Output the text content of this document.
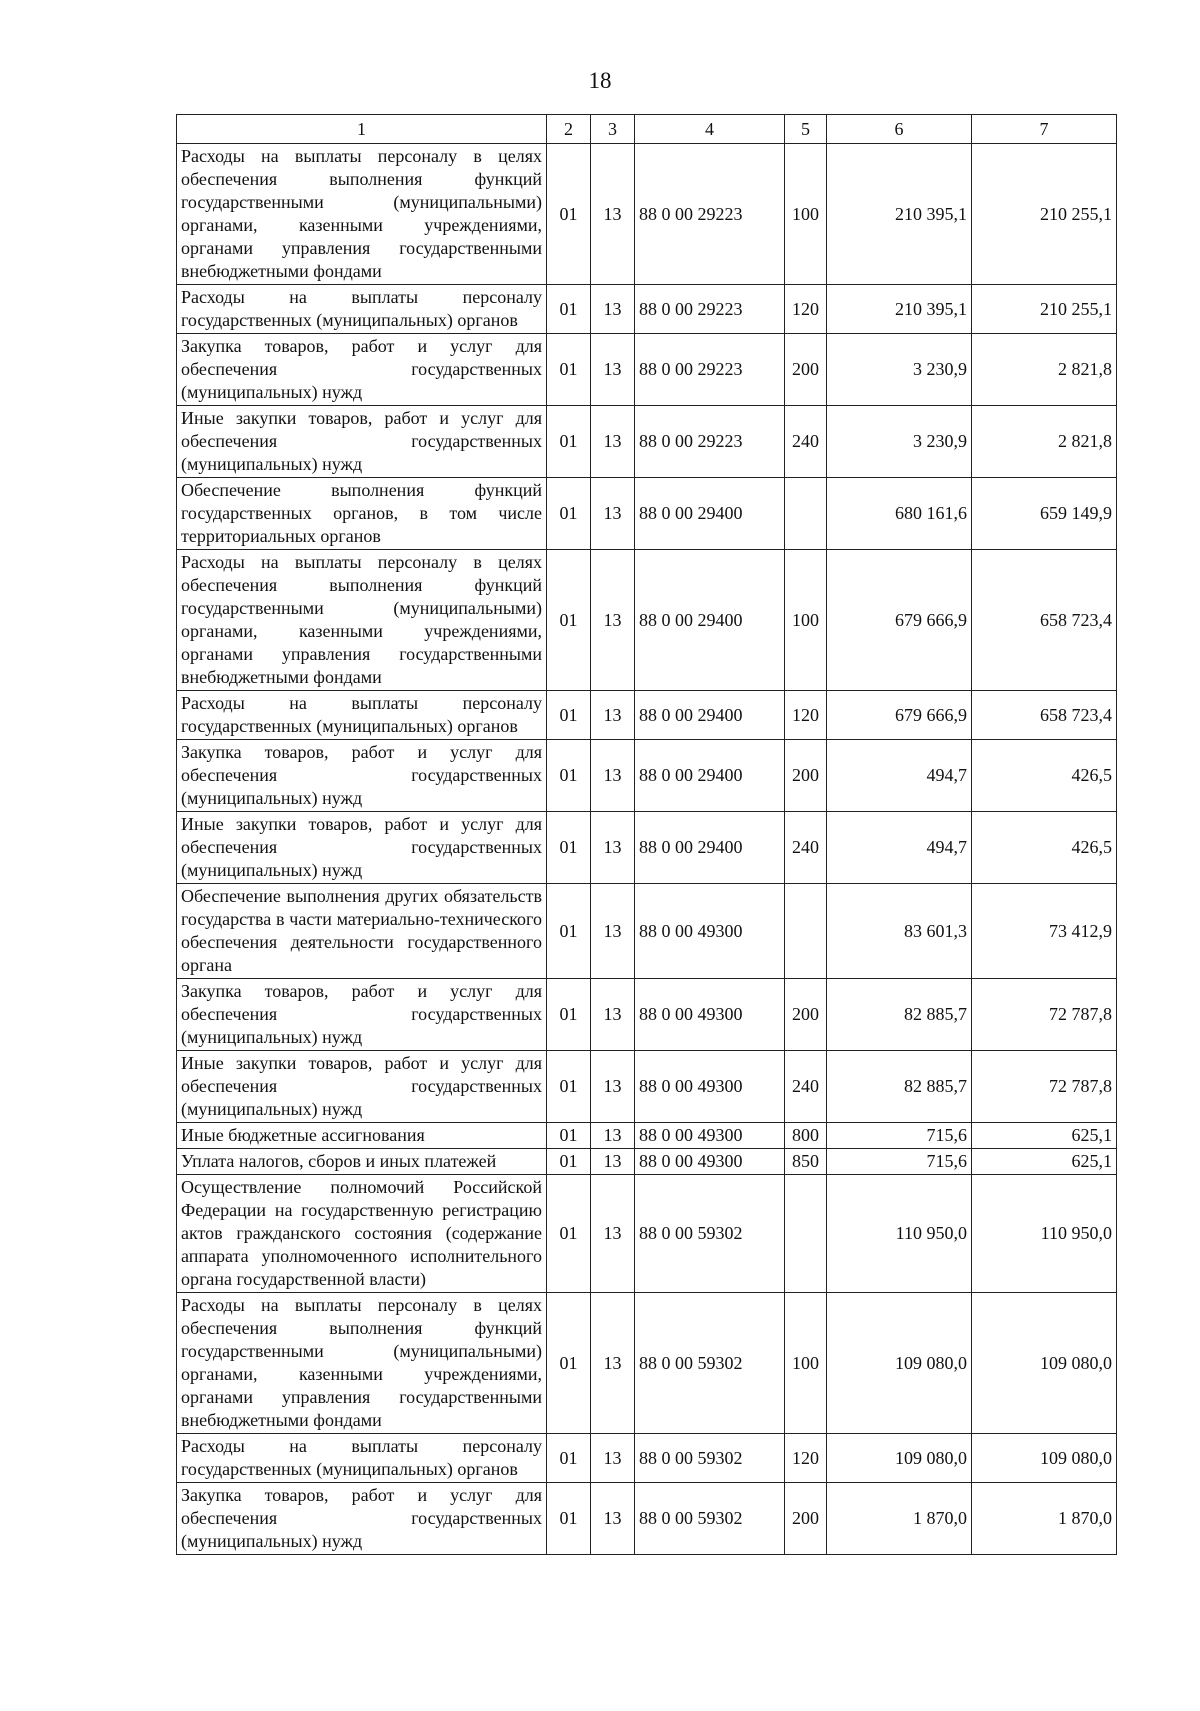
18
1	2	3	4	5	6	7
Расходы на выплаты персоналу в целях обеспечения выполнения функций государственными (муниципальными) органами, казенными учреждениями, органами управления государственными внебюджетными фондами	01	13	88 0 00 29223	100	210 395,1	210 255,1
Расходы на выплаты персоналу государственных (муниципальных) органов	01	13	88 0 00 29223	120	210 395,1	210 255,1
Закупка товаров, работ и услуг для обеспечения государственных (муниципальных) нужд	01	13	88 0 00 29223	200	3 230,9	2 821,8
Иные закупки товаров, работ и услуг для обеспечения государственных (муниципальных) нужд	01	13	88 0 00 29223	240	3 230,9	2 821,8
Обеспечение выполнения функций государственных органов, в том числе территориальных органов	01	13	88 0 00 29400		680 161,6	659 149,9
Расходы на выплаты персоналу в целях обеспечения выполнения функций государственными (муниципальными) органами, казенными учреждениями, органами управления государственными внебюджетными фондами	01	13	88 0 00 29400	100	679 666,9	658 723,4
Расходы на выплаты персоналу государственных (муниципальных) органов	01	13	88 0 00 29400	120	679 666,9	658 723,4
Закупка товаров, работ и услуг для обеспечения государственных (муниципальных) нужд	01	13	88 0 00 29400	200	494,7	426,5
Иные закупки товаров, работ и услуг для обеспечения государственных (муниципальных) нужд	01	13	88 0 00 29400	240	494,7	426,5
Обеспечение выполнения других обязательств государства в части материально-технического обеспечения деятельности государственного органа	01	13	88 0 00 49300		83 601,3	73 412,9
Закупка товаров, работ и услуг для обеспечения государственных (муниципальных) нужд	01	13	88 0 00 49300	200	82 885,7	72 787,8
Иные закупки товаров, работ и услуг для обеспечения государственных (муниципальных) нужд	01	13	88 0 00 49300	240	82 885,7	72 787,8
Иные бюджетные ассигнования	01	13	88 0 00 49300	800	715,6	625,1
Уплата налогов, сборов и иных платежей	01	13	88 0 00 49300	850	715,6	625,1
Осуществление полномочий Российской Федерации на государственную регистрацию актов гражданского состояния (содержание аппарата уполномоченного исполнительного органа государственной власти)	01	13	88 0 00 59302		110 950,0	110 950,0
Расходы на выплаты персоналу в целях обеспечения выполнения функций государственными (муниципальными) органами, казенными учреждениями, органами управления государственными внебюджетными фондами	01	13	88 0 00 59302	100	109 080,0	109 080,0
Расходы на выплаты персоналу государственных (муниципальных) органов	01	13	88 0 00 59302	120	109 080,0	109 080,0
Закупка товаров, работ и услуг для обеспечения государственных (муниципальных) нужд	01	13	88 0 00 59302	200	1 870,0	1 870,0
